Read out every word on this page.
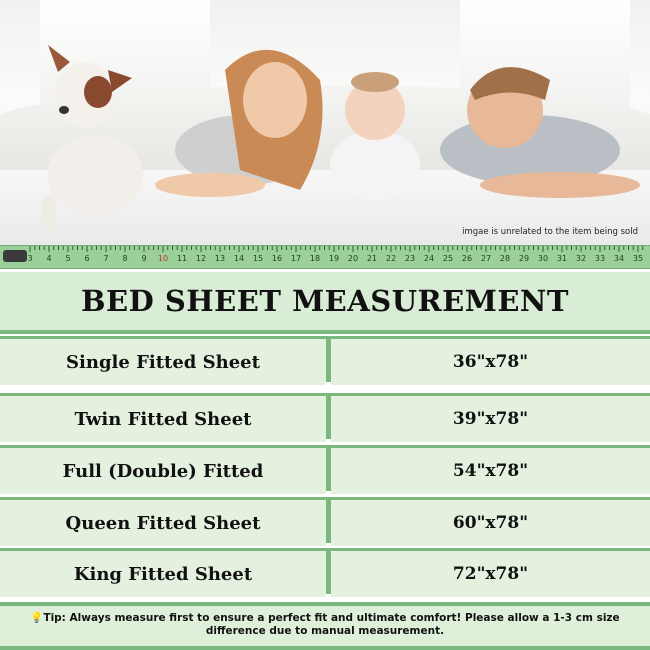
imgae is unrelated to the item being sold
3 4 5 6 7 8 9 10 11 12 13 14 15 16 17 18 19 20 21 22 23 24 25 26 27 28 29 30 31 32 33 34 35
BED SHEET MEASUREMENT
Single Fitted Sheet	36"x78"
Twin Fitted Sheet	39"x78"
Full (Double) Fitted	54"x78"
Queen Fitted Sheet	60"x78"
King Fitted Sheet	72"x78"
💡Tip: Always measure first to ensure a perfect fit and ultimate comfort! Please allow a 1-3 cm size difference due to manual measurement.
